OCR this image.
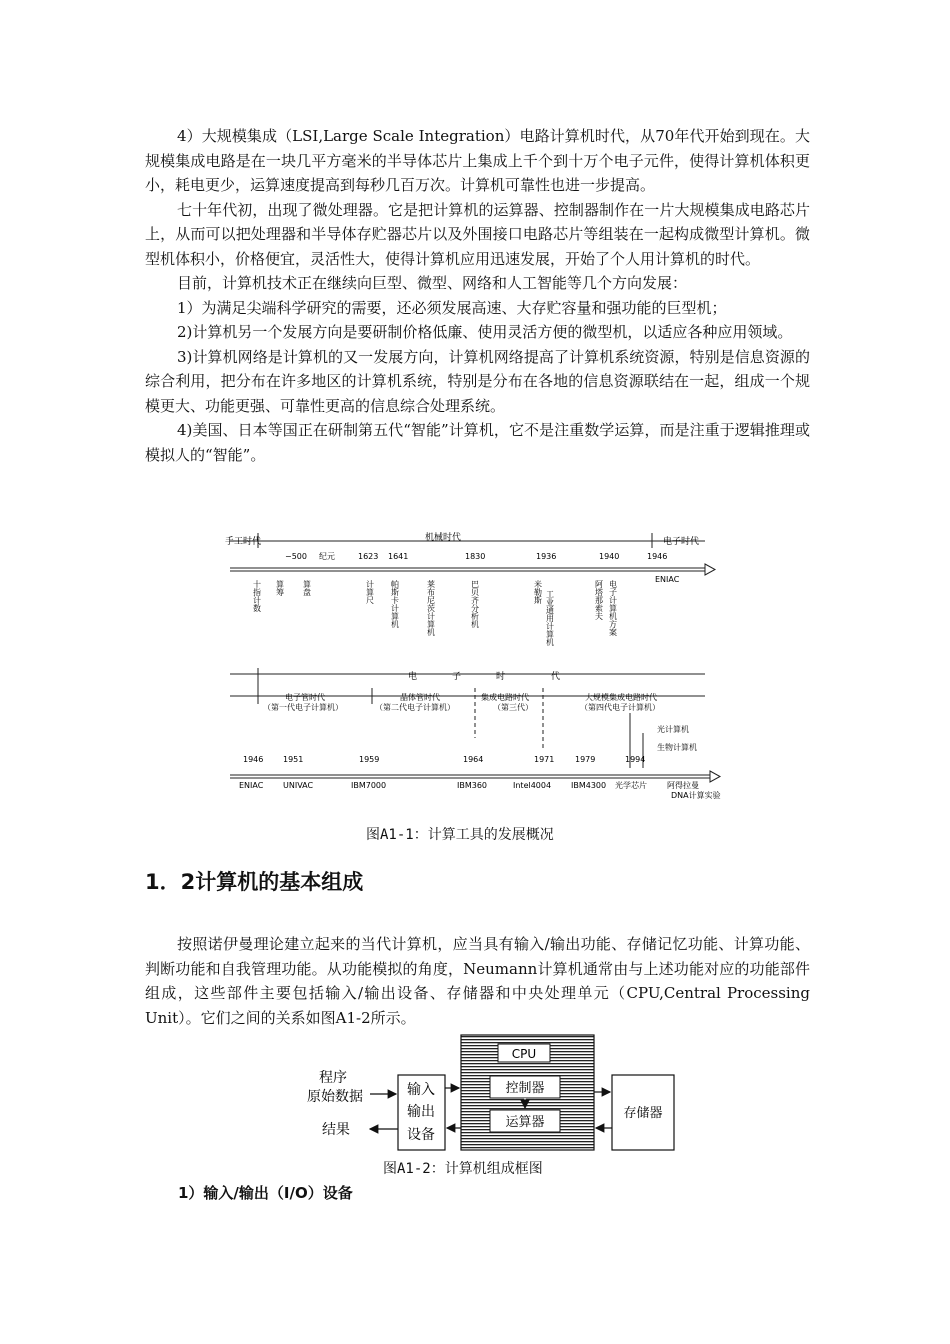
4）大规模集成（LSI,Large Scale Integration）电路计算机时代，从70年代开始到现在。大规模集成电路是在一块几平方毫米的半导体芯片上集成上千个到十万个电子元件，使得计算机体积更小，耗电更少，运算速度提高到每秒几百万次。计算机可靠性也进一步提高。

七十年代初，出现了微处理器。它是把计算机的运算器、控制器制作在一片大规模集成电路芯片上，从而可以把处理器和半导体存贮器芯片以及外围接口电路芯片等组装在一起构成微型计算机。微型机体积小，价格便宜，灵活性大，使得计算机应用迅速发展，开始了个人用计算机的时代。

目前，计算机技术正在继续向巨型、微型、网络和人工智能等几个方向发展：

1）为满足尖端科学研究的需要，还必须发展高速、大存贮容量和强功能的巨型机；

2)计算机另一个发展方向是要研制价格低廉、使用灵活方便的微型机，以适应各种应用领域。

3)计算机网络是计算机的又一发展方向，计算机网络提高了计算机系统资源，特别是信息资源的综合利用，把分布在许多地区的计算机系统，特别是分布在各地的信息资源联结在一起，组成一个规模更大、功能更强、可靠性更高的信息综合处理系统。

4)美国、日本等国正在研制第五代“智能”计算机，它不是注重数学运算，而是注重于逻辑推理或模拟人的“智能”。

手工时代	机械时代	电子时代
−500 纪元	1623 1641	1830	1936	1940	1946
ENIAC
十指计数 算筹 算盘	计算尺 帕斯卡计算机	莱布尼茨计算机	巴贝齐分析机	米勒斯 工业通用计算机	阿塔那索夫 电子计算机方案
电	子	时	代
电子管时代
（第一代电子计算机）
晶体管时代
（第二代电子计算机）
集成电路时代
（第三代）
大规模集成电路时代
（第四代电子计算机）
光计算机
生物计算机
1946 1951	1959	1964	1971	1979	1994
ENIAC UNIVAC	IBM7000	IBM360	Intel4004 IBM4300 光学芯片	阿得拉曼
DNA计算实验
图A1-1：计算工具的发展概况
1．2计算机的基本组成

按照诺伊曼理论建立起来的当代计算机，应当具有输入/输出功能、存储记忆功能、计算功能、判断功能和自我管理功能。从功能模拟的角度，Neumann计算机通常由与上述功能对应的功能部件组成，这些部件主要包括输入/输出设备、存储器和中央处理单元（CPU,Central Processing Unit）。它们之间的关系如图A1-2所示。

CPU
控制器
运算器
输入
输出
设备
存储器
程序
原始数据
结果
图A1-2：计算机组成框图
1）输入/输出（I/O）设备
